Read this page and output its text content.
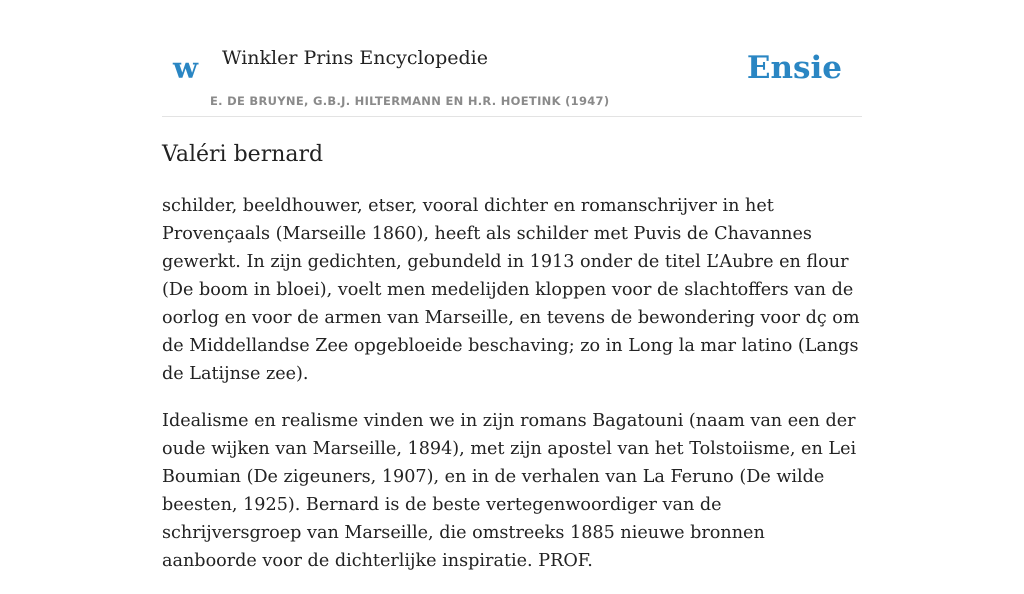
w Winkler Prins Encyclopedie
E. DE BRUYNE, G.B.J. HILTERMANN EN H.R. HOETINK (1947)
Ensie
Valéri bernard

schilder, beeldhouwer, etser, vooral dichter en romanschrijver in het Provençaals (Marseille 1860), heeft als schilder met Puvis de Chavannes gewerkt. In zijn gedichten, gebundeld in 1913 onder de titel L’Aubre en flour (De boom in bloei), voelt men medelijden kloppen voor de slachtoffers van de oorlog en voor de armen van Marseille, en tevens de bewondering voor dç om de Middellandse Zee opgebloeide beschaving; zo in Long la mar latino (Langs de Latijnse zee).

Idealisme en realisme vinden we in zijn romans Bagatouni (naam van een der oude wijken van Marseille, 1894), met zijn apostel van het Tolstoiisme, en Lei Boumian (De zigeuners, 1907), en in de verhalen van La Feruno (De wilde beesten, 1925). Bernard is de beste vertegenwoordiger van de schrijversgroep van Marseille, die omstreeks 1885 nieuwe bronnen aanboorde voor de dichterlijke inspiratie. PROF.
